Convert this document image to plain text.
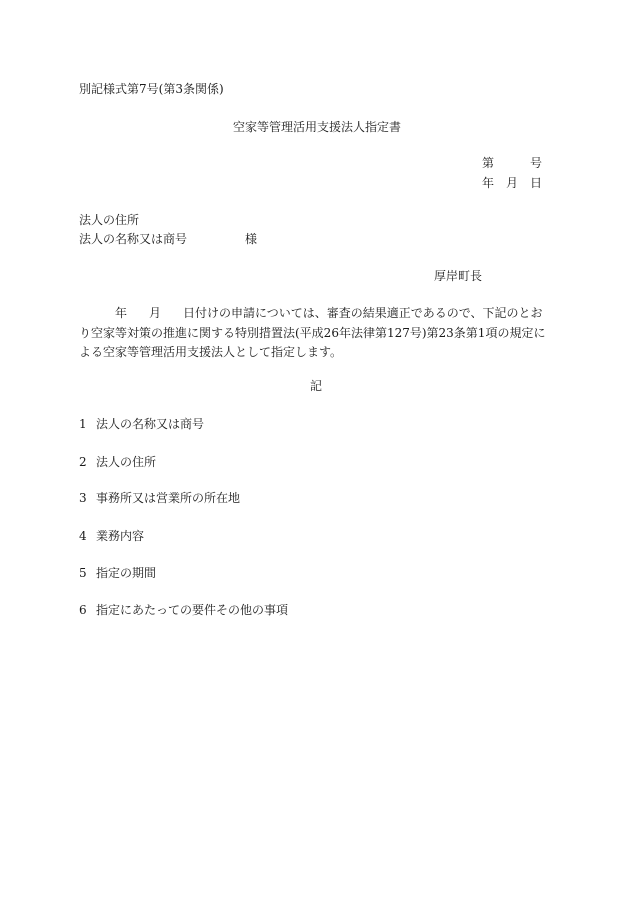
別記様式第7号(第3条関係)
空家等管理活用支援法人指定書
第	号
年 月 日
法人の住所
法人の名称又は商号	様
厚岸町長
年 月 日付けの申請については、審査の結果適正であるので、下記のとおり空家等対策の推進に関する特別措置法(平成26年法律第127号)第23条第1項の規定による空家等管理活用支援法人として指定します。
記
1 法人の名称又は商号
2 法人の住所
3 事務所又は営業所の所在地
4 業務内容
5 指定の期間
6 指定にあたっての要件その他の事項
